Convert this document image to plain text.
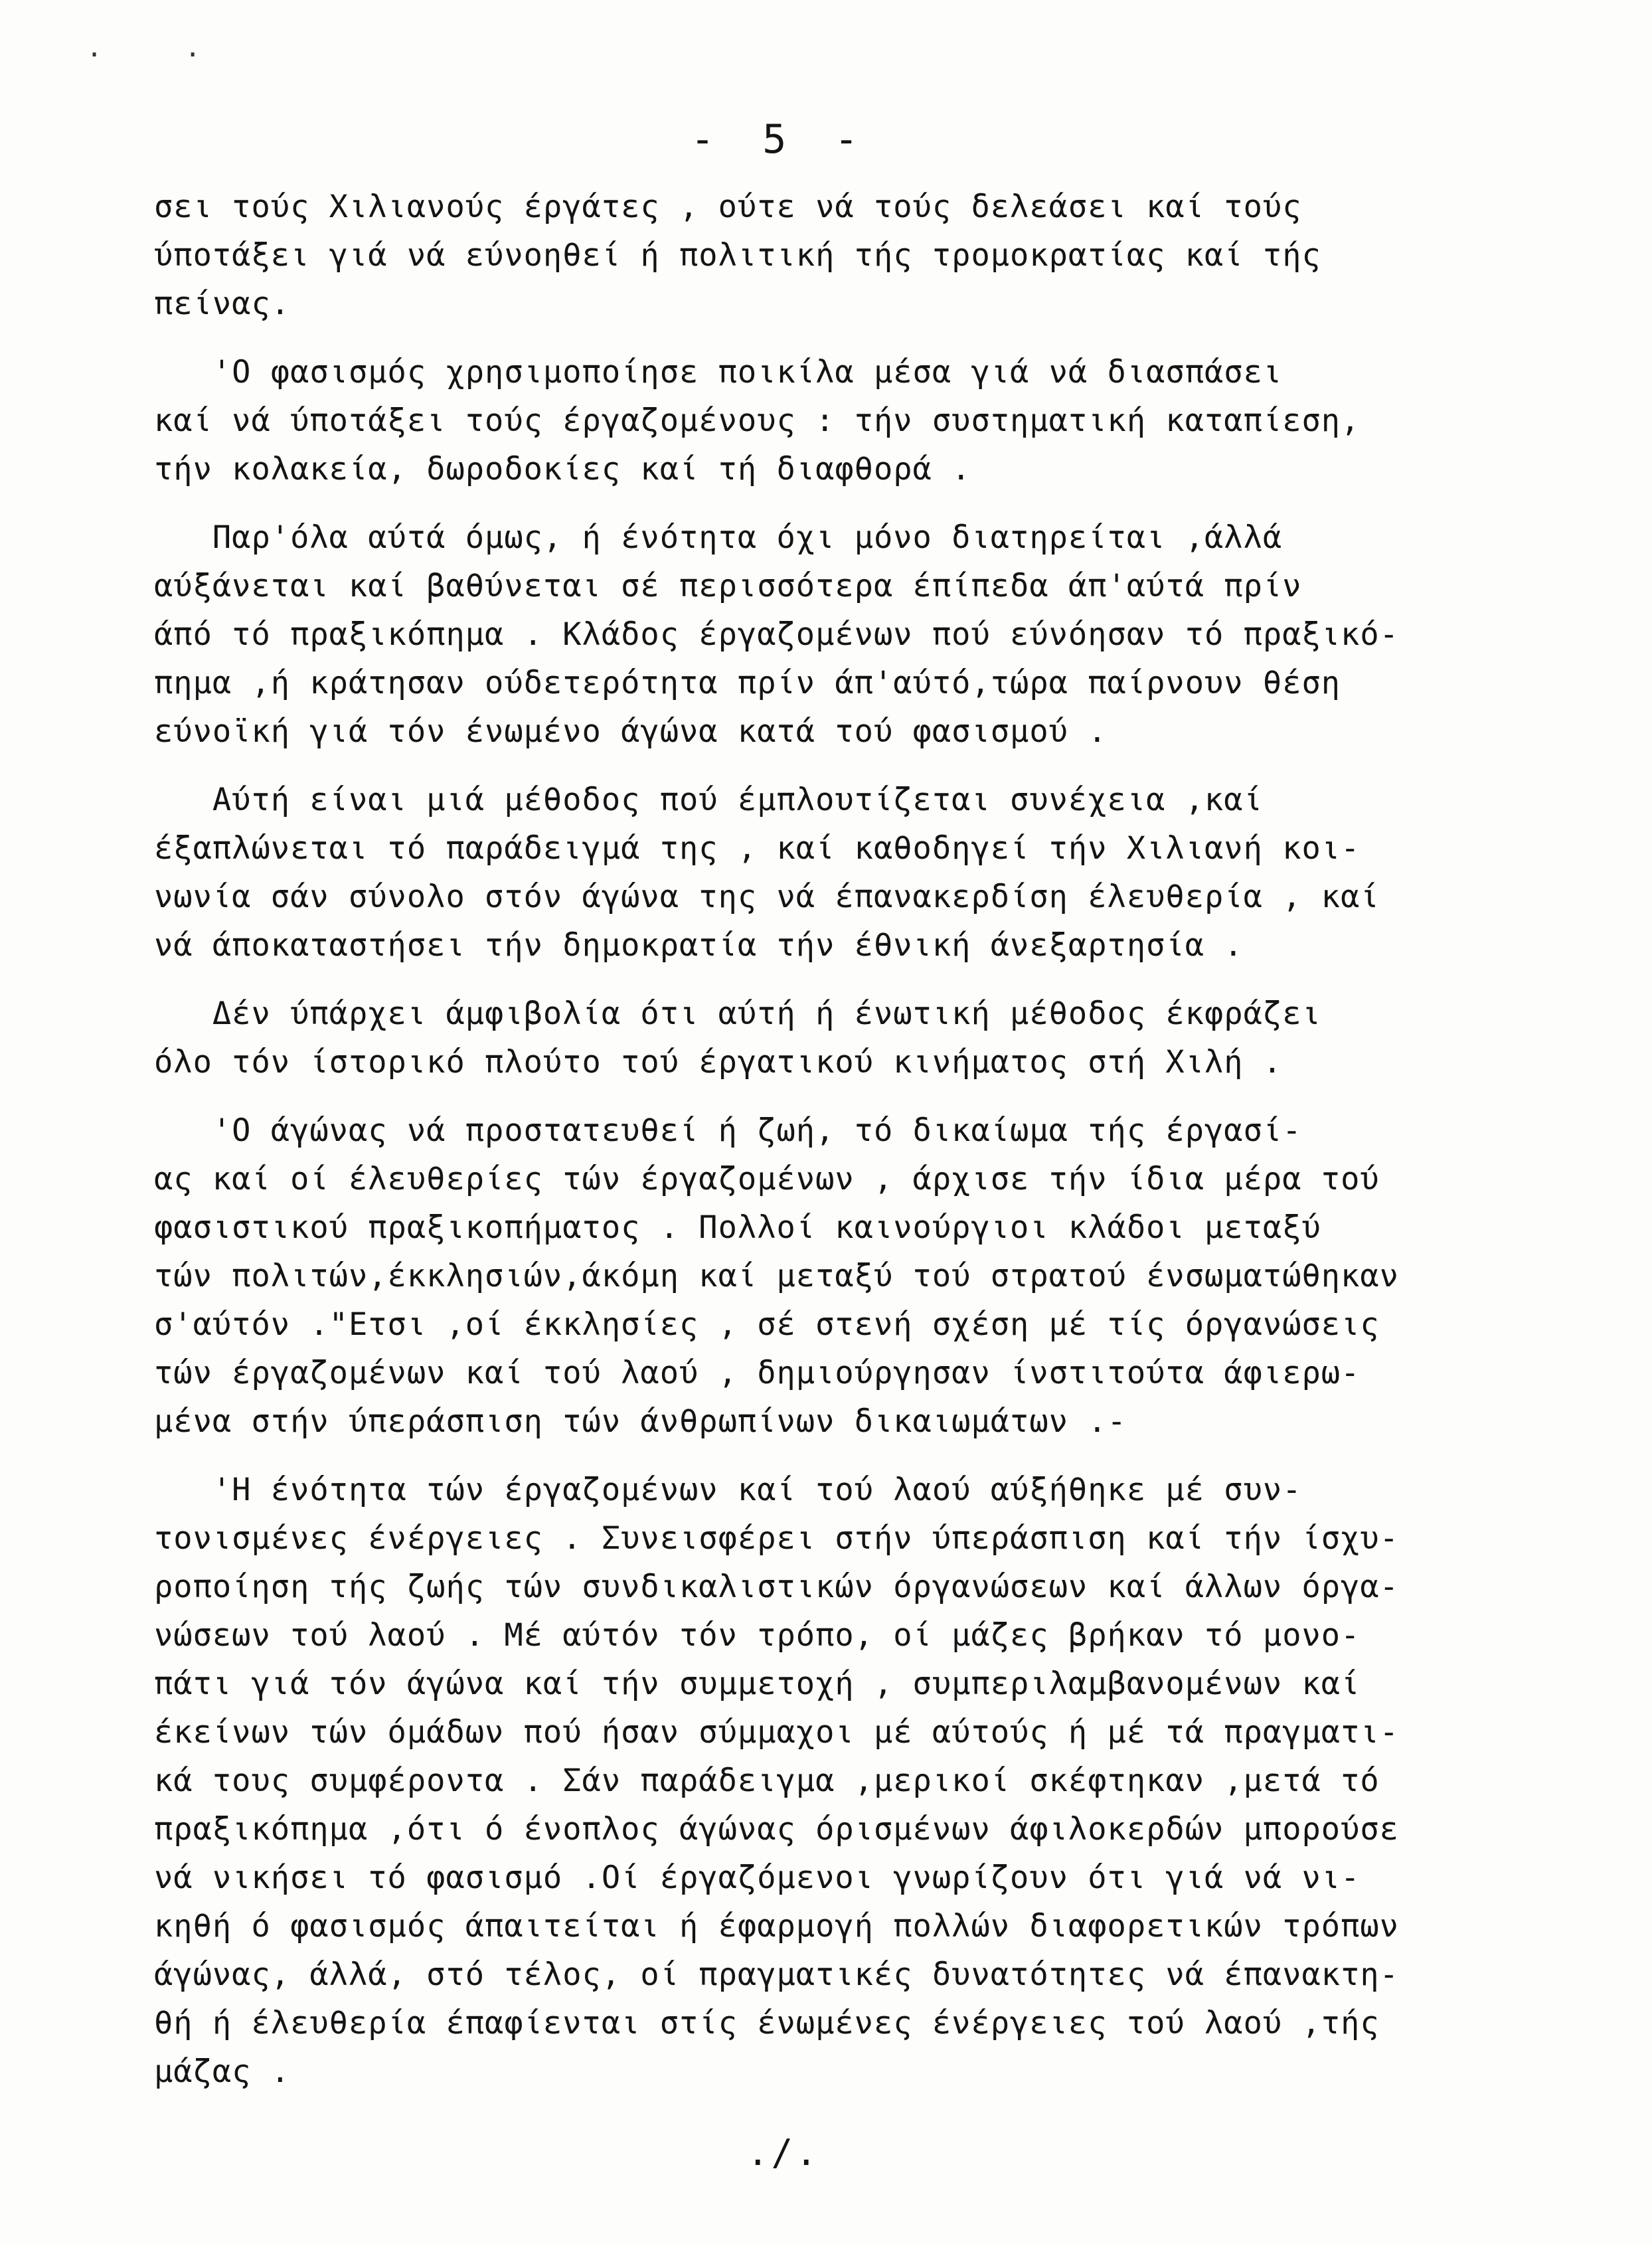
· ·
- 5 -
σει τούς Χιλιανούς έργάτες , ούτε νά τούς δελεάσει καί τούς
ύποτάξει γιά νά εύνοηθεί ή πολιτική τής τρομοκρατίας καί τής
πείνας.
'Ο φασισμός χρησιμοποίησε ποικίλα μέσα γιά νά διασπάσει
καί νά ύποτάξει τούς έργαζομένους : τήν συστηματική καταπίεση,
τήν κολακεία, δωροδοκίες καί τή διαφθορά .
Παρ'όλα αύτά όμως, ή ένότητα όχι μόνο διατηρείται ,άλλά
αύξάνεται καί βαθύνεται σέ περισσότερα έπίπεδα άπ'αύτά πρίν
άπό τό πραξικόπημα . Κλάδος έργαζομένων πού εύνόησαν τό πραξικό-
πημα ,ή κράτησαν ούδετερότητα πρίν άπ'αύτό,τώρα παίρνουν θέση
εύνοϊκή γιά τόν ένωμένο άγώνα κατά τού φασισμού .
Αύτή είναι μιά μέθοδος πού έμπλουτίζεται συνέχεια ,καί
έξαπλώνεται τό παράδειγμά της , καί καθοδηγεί τήν Χιλιανή κοι-
νωνία σάν σύνολο στόν άγώνα της νά έπανακερδίση έλευθερία , καί
νά άποκαταστήσει τήν δημοκρατία τήν έθνική άνεξαρτησία .
Δέν ύπάρχει άμφιβολία ότι αύτή ή ένωτική μέθοδος έκφράζει
όλο τόν ίστορικό πλούτο τού έργατικού κινήματος στή Χιλή .
'Ο άγώνας νά προστατευθεί ή ζωή, τό δικαίωμα τής έργασί-
ας καί οί έλευθερίες τών έργαζομένων , άρχισε τήν ίδια μέρα τού
φασιστικού πραξικοπήματος . Πολλοί καινούργιοι κλάδοι μεταξύ
τών πολιτών,έκκλησιών,άκόμη καί μεταξύ τού στρατού ένσωματώθηκαν
σ'αύτόν ."Ετσι ,οί έκκλησίες , σέ στενή σχέση μέ τίς όργανώσεις
τών έργαζομένων καί τού λαού , δημιούργησαν ίνστιτούτα άφιερω-
μένα στήν ύπεράσπιση τών άνθρωπίνων δικαιωμάτων .-
'Η ένότητα τών έργαζομένων καί τού λαού αύξήθηκε μέ συν-
τονισμένες ένέργειες . Συνεισφέρει στήν ύπεράσπιση καί τήν ίσχυ-
ροποίηση τής ζωής τών συνδικαλιστικών όργανώσεων καί άλλων όργα-
νώσεων τού λαού . Μέ αύτόν τόν τρόπο, οί μάζες βρήκαν τό μονο-
πάτι γιά τόν άγώνα καί τήν συμμετοχή , συμπεριλαμβανομένων καί
έκείνων τών όμάδων πού ήσαν σύμμαχοι μέ αύτούς ή μέ τά πραγματι-
κά τους συμφέροντα . Σάν παράδειγμα ,μερικοί σκέφτηκαν ,μετά τό
πραξικόπημα ,ότι ό ένοπλος άγώνας όρισμένων άφιλοκερδών μπορούσε
νά νικήσει τό φασισμό .Οί έργαζόμενοι γνωρίζουν ότι γιά νά νι-
κηθή ό φασισμός άπαιτείται ή έφαρμογή πολλών διαφορετικών τρόπων
άγώνας, άλλά, στό τέλος, οί πραγματικές δυνατότητες νά έπανακτη-
θή ή έλευθερία έπαφίενται στίς ένωμένες ένέργειες τού λαού ,τής
μάζας .
./.
